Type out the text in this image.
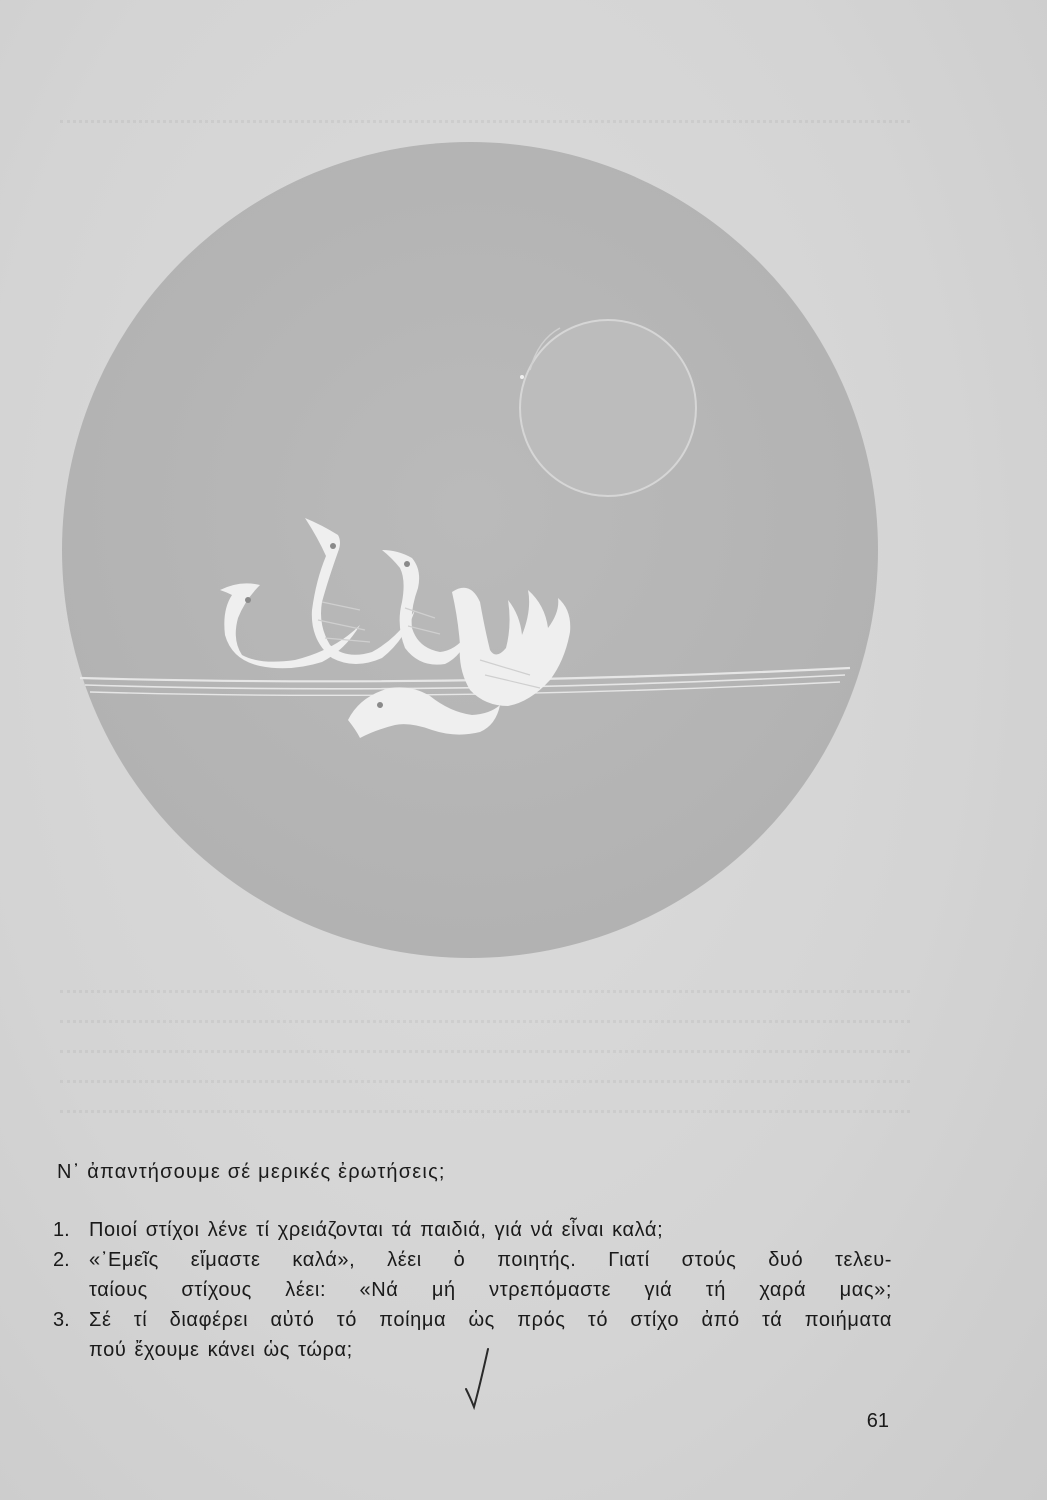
Ν᾽ ἀπαντήσουμε σέ μερικές ἐρωτήσεις;
1. Ποιοί στίχοι λένε τί χρειάζονται τά παιδιά, γιά νά εἶναι καλά;
2. «᾽Εμεῖς εἴμαστε καλά», λέει ὁ ποιητής. Γιατί στούς δυό τελευ-
ταίους στίχους λέει: «Νά μή ντρεπόμαστε γιά τή χαρά μας»;
3. Σέ τί διαφέρει αὐτό τό ποίημα ὡς πρός τό στίχο ἀπό τά ποιήματα
πού ἔχουμε κάνει ὡς τώρα;
61
